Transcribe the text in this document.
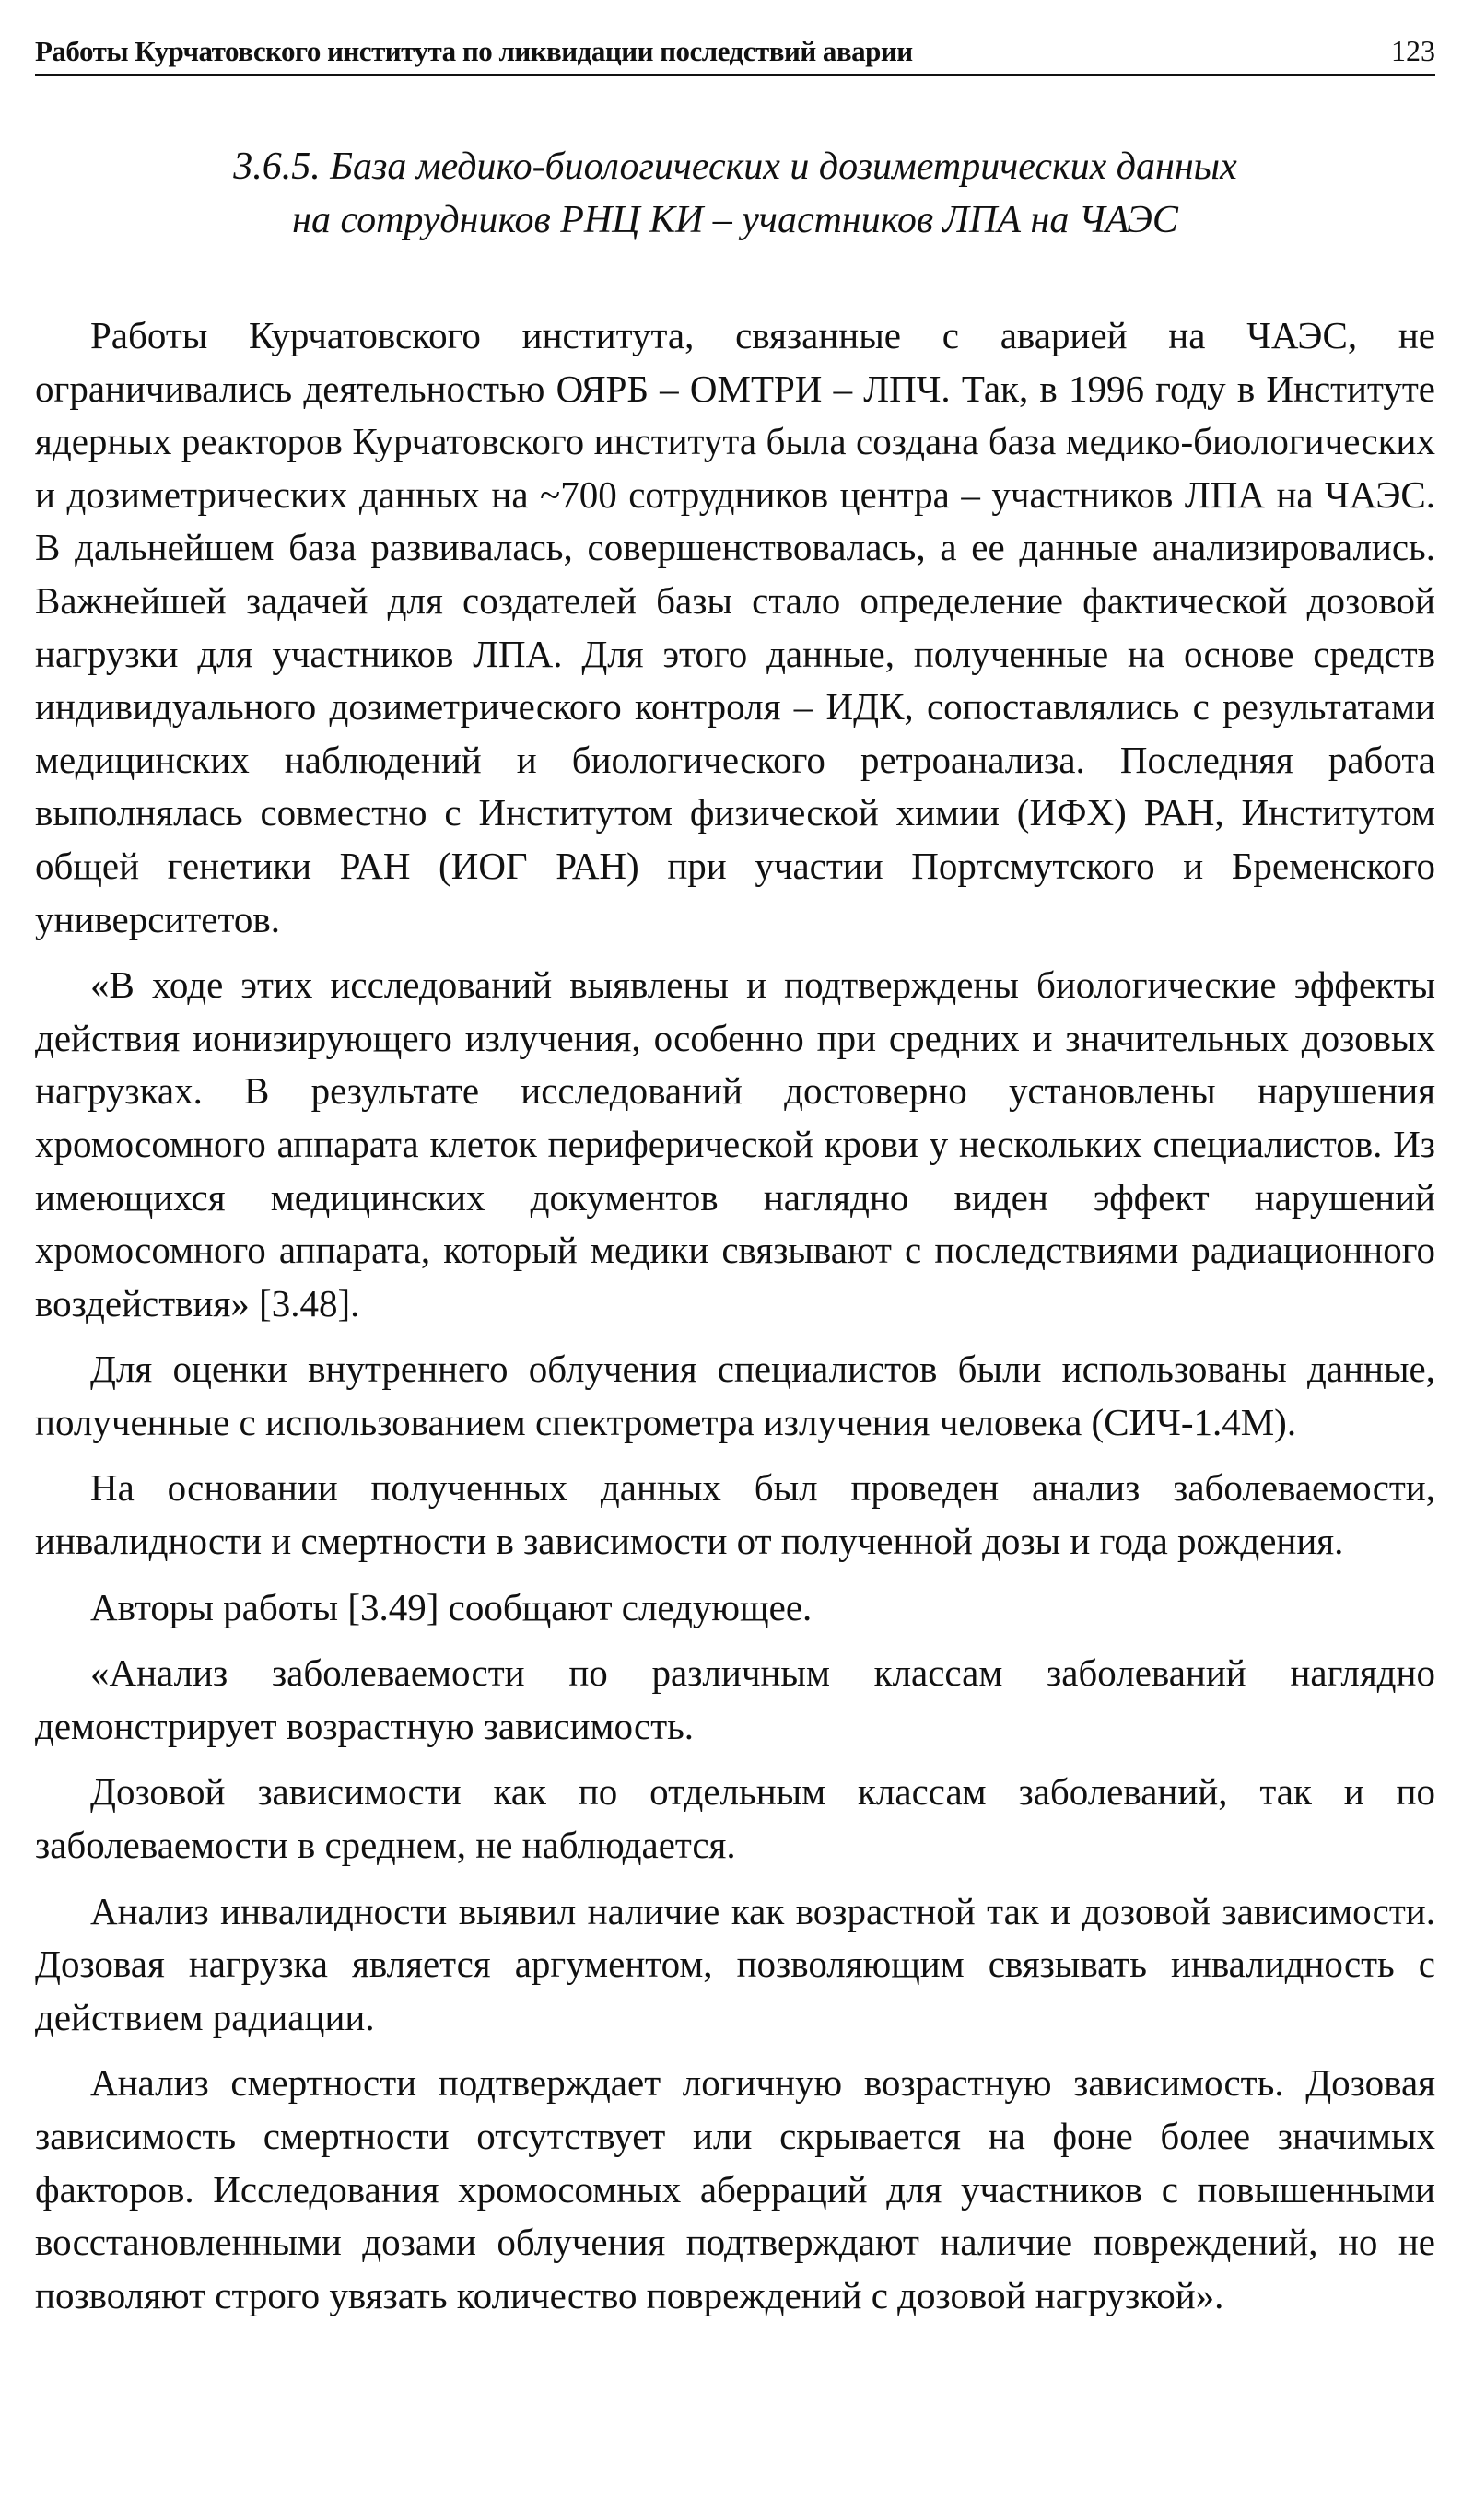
Работы Курчатовского института по ликвидации последствий аварии	123
3.6.5. База медико-биологических и дозиметрических данных
на сотрудников РНЦ КИ – участников ЛПА на ЧАЭС

Работы Курчатовского института, связанные с аварией на ЧАЭС, не ограничивались деятельностью ОЯРБ – ОМТРИ – ЛПЧ. Так, в 1996 году в Институте ядерных реакторов Курчатовского института была создана база медико-биологических и дозиметрических данных на ~700 сотрудников центра – участников ЛПА на ЧАЭС. В дальнейшем база развивалась, совершенствовалась, а ее данные анализировались. Важнейшей задачей для создателей базы стало определение фактической дозовой нагрузки для участников ЛПА. Для этого данные, полученные на основе средств индивидуального дозиметрического контроля – ИДК, сопоставлялись с результатами медицинских наблюдений и биологического ретроанализа. Последняя работа выполнялась совместно с Институтом физической химии (ИФХ) РАН, Институтом общей генетики РАН (ИОГ РАН) при участии Портсмутского и Бременского университетов.

«В ходе этих исследований выявлены и подтверждены биологические эффекты действия ионизирующего излучения, особенно при средних и значительных дозовых нагрузках. В результате исследований достоверно установлены нарушения хромосомного аппарата клеток периферической крови у нескольких специалистов. Из имеющихся медицинских документов наглядно виден эффект нарушений хромосомного аппарата, который медики связывают с последствиями радиационного воздействия» [3.48].

Для оценки внутреннего облучения специалистов были использованы данные, полученные с использованием спектрометра излучения человека (СИЧ-1.4М).

На основании полученных данных был проведен анализ заболеваемости, инвалидности и смертности в зависимости от полученной дозы и года рождения.

Авторы работы [3.49] сообщают следующее.

«Анализ заболеваемости по различным классам заболеваний наглядно демонстрирует возрастную зависимость.

Дозовой зависимости как по отдельным классам заболеваний, так и по заболеваемости в среднем, не наблюдается.

Анализ инвалидности выявил наличие как возрастной так и дозовой зависимости. Дозовая нагрузка является аргументом, позволяющим связывать инвалидность с действием радиации.

Анализ смертности подтверждает логичную возрастную зависимость. Дозовая зависимость смертности отсутствует или скрывается на фоне более значимых факторов. Исследования хромосомных аберраций для участников с повышенными восстановленными дозами облучения подтверждают наличие повреждений, но не позволяют строго увязать количество повреждений с дозовой нагрузкой».
